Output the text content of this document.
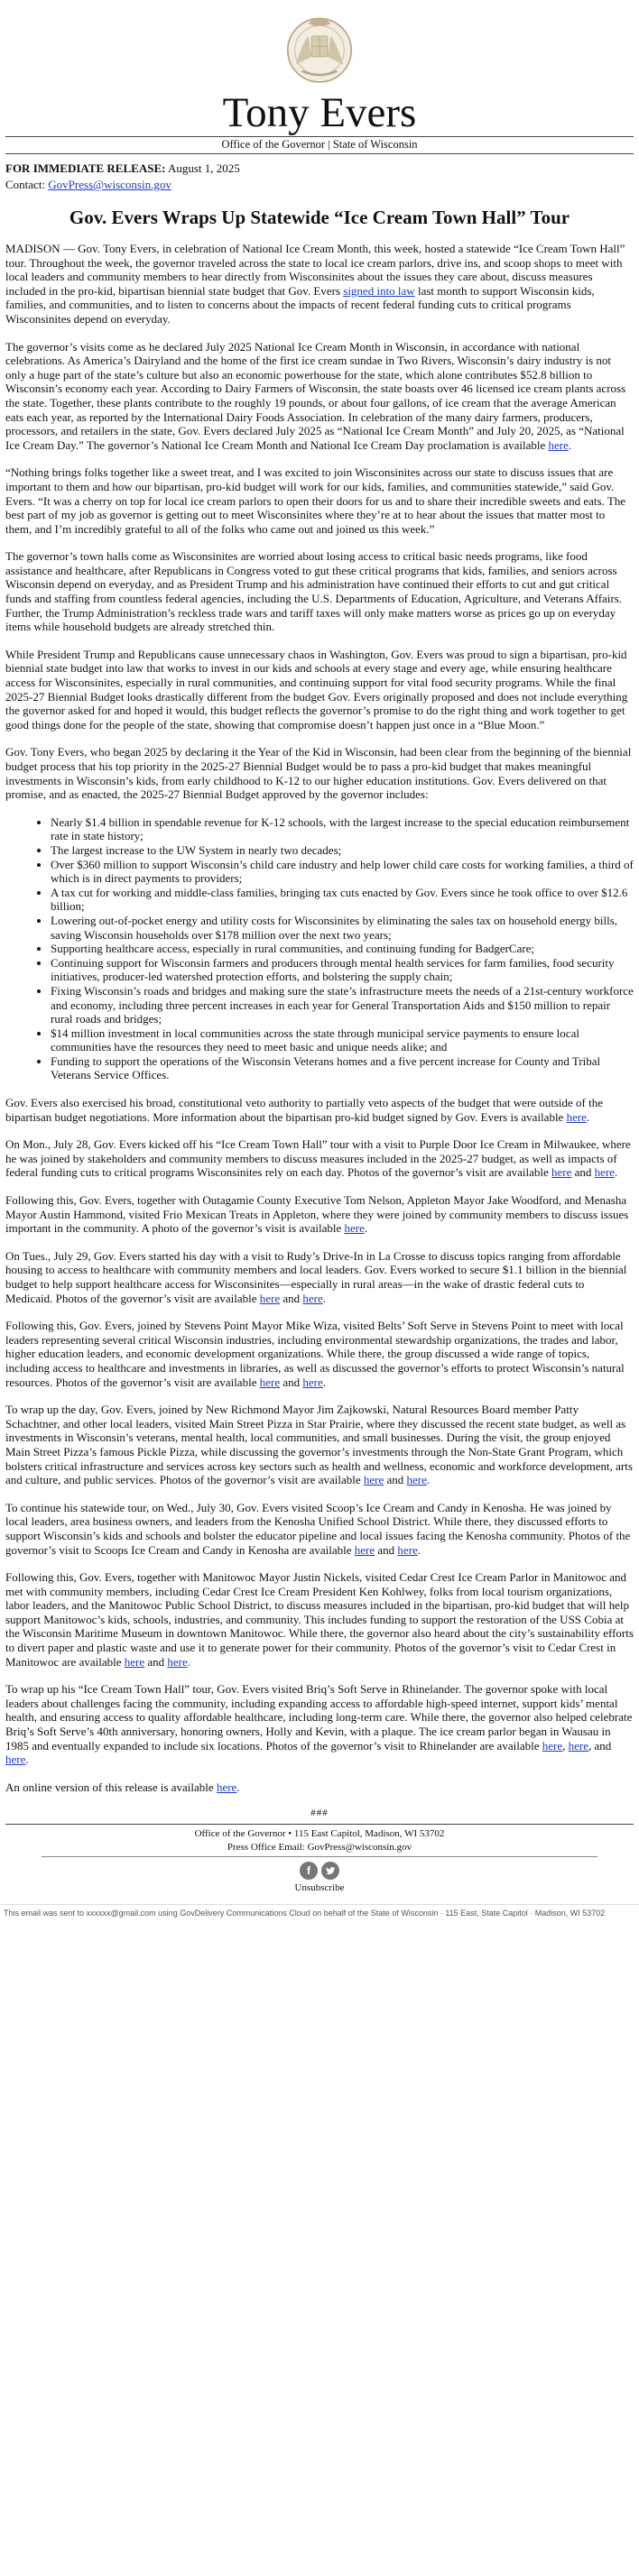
Tony Evers
Office of the Governor | State of Wisconsin
FOR IMMEDIATE RELEASE: August 1, 2025
Contact: GovPress@wisconsin.gov
Gov. Evers Wraps Up Statewide “Ice Cream Town Hall” Tour

MADISON — Gov. Tony Evers, in celebration of National Ice Cream Month, this week, hosted a statewide “Ice Cream Town Hall” tour. Throughout the week, the governor traveled across the state to local ice cream parlors, drive ins, and scoop shops to meet with local leaders and community members to hear directly from Wisconsinites about the issues they care about, discuss measures included in the pro-kid, bipartisan biennial state budget that Gov. Evers signed into law last month to support Wisconsin kids, families, and communities, and to listen to concerns about the impacts of recent federal funding cuts to critical programs Wisconsinites depend on everyday.

The governor’s visits come as he declared July 2025 National Ice Cream Month in Wisconsin, in accordance with national celebrations. As America’s Dairyland and the home of the first ice cream sundae in Two Rivers, Wisconsin’s dairy industry is not only a huge part of the state’s culture but also an economic powerhouse for the state, which alone contributes $52.8 billion to Wisconsin’s economy each year. According to Dairy Farmers of Wisconsin, the state boasts over 46 licensed ice cream plants across the state. Together, these plants contribute to the roughly 19 pounds, or about four gallons, of ice cream that the average American eats each year, as reported by the International Dairy Foods Association. In celebration of the many dairy farmers, producers, processors, and retailers in the state, Gov. Evers declared July 2025 as “National Ice Cream Month” and July 20, 2025, as “National Ice Cream Day.” The governor’s National Ice Cream Month and National Ice Cream Day proclamation is available here.

“Nothing brings folks together like a sweet treat, and I was excited to join Wisconsinites across our state to discuss issues that are important to them and how our bipartisan, pro-kid budget will work for our kids, families, and communities statewide,” said Gov. Evers. “It was a cherry on top for local ice cream parlors to open their doors for us and to share their incredible sweets and eats. The best part of my job as governor is getting out to meet Wisconsinites where they’re at to hear about the issues that matter most to them, and I’m incredibly grateful to all of the folks who came out and joined us this week.”

The governor’s town halls come as Wisconsinites are worried about losing access to critical basic needs programs, like food assistance and healthcare, after Republicans in Congress voted to gut these critical programs that kids, families, and seniors across Wisconsin depend on everyday, and as President Trump and his administration have continued their efforts to cut and gut critical funds and staffing from countless federal agencies, including the U.S. Departments of Education, Agriculture, and Veterans Affairs. Further, the Trump Administration’s reckless trade wars and tariff taxes will only make matters worse as prices go up on everyday items while household budgets are already stretched thin.

While President Trump and Republicans cause unnecessary chaos in Washington, Gov. Evers was proud to sign a bipartisan, pro-kid biennial state budget into law that works to invest in our kids and schools at every stage and every age, while ensuring healthcare access for Wisconsinites, especially in rural communities, and continuing support for vital food security programs. While the final 2025-27 Biennial Budget looks drastically different from the budget Gov. Evers originally proposed and does not include everything the governor asked for and hoped it would, this budget reflects the governor’s promise to do the right thing and work together to get good things done for the people of the state, showing that compromise doesn’t happen just once in a “Blue Moon.”

Gov. Tony Evers, who began 2025 by declaring it the Year of the Kid in Wisconsin, had been clear from the beginning of the biennial budget process that his top priority in the 2025-27 Biennial Budget would be to pass a pro-kid budget that makes meaningful investments in Wisconsin’s kids, from early childhood to K-12 to our higher education institutions. Gov. Evers delivered on that promise, and as enacted, the 2025-27 Biennial Budget approved by the governor includes:

• Nearly $1.4 billion in spendable revenue for K-12 schools, with the largest increase to the special education reimbursement rate in state history;
• The largest increase to the UW System in nearly two decades;
• Over $360 million to support Wisconsin’s child care industry and help lower child care costs for working families, a third of which is in direct payments to providers;
• A tax cut for working and middle-class families, bringing tax cuts enacted by Gov. Evers since he took office to over $12.6 billion;
• Lowering out-of-pocket energy and utility costs for Wisconsinites by eliminating the sales tax on household energy bills, saving Wisconsin households over $178 million over the next two years;
• Supporting healthcare access, especially in rural communities, and continuing funding for BadgerCare;
• Continuing support for Wisconsin farmers and producers through mental health services for farm families, food security initiatives, producer-led watershed protection efforts, and bolstering the supply chain;
• Fixing Wisconsin’s roads and bridges and making sure the state’s infrastructure meets the needs of a 21st-century workforce and economy, including three percent increases in each year for General Transportation Aids and $150 million to repair rural roads and bridges;
• $14 million investment in local communities across the state through municipal service payments to ensure local communities have the resources they need to meet basic and unique needs alike; and
• Funding to support the operations of the Wisconsin Veterans homes and a five percent increase for County and Tribal Veterans Service Offices.

Gov. Evers also exercised his broad, constitutional veto authority to partially veto aspects of the budget that were outside of the bipartisan budget negotiations. More information about the bipartisan pro-kid budget signed by Gov. Evers is available here.

On Mon., July 28, Gov. Evers kicked off his “Ice Cream Town Hall” tour with a visit to Purple Door Ice Cream in Milwaukee, where he was joined by stakeholders and community members to discuss measures included in the 2025-27 budget, as well as impacts of federal funding cuts to critical programs Wisconsinites rely on each day. Photos of the governor’s visit are available here and here.

Following this, Gov. Evers, together with Outagamie County Executive Tom Nelson, Appleton Mayor Jake Woodford, and Menasha Mayor Austin Hammond, visited Frio Mexican Treats in Appleton, where they were joined by community members to discuss issues important in the community. A photo of the governor’s visit is available here.

On Tues., July 29, Gov. Evers started his day with a visit to Rudy’s Drive-In in La Crosse to discuss topics ranging from affordable housing to access to healthcare with community members and local leaders. Gov. Evers worked to secure $1.1 billion in the biennial budget to help support healthcare access for Wisconsinites—especially in rural areas—in the wake of drastic federal cuts to Medicaid. Photos of the governor’s visit are available here and here.

Following this, Gov. Evers, joined by Stevens Point Mayor Mike Wiza, visited Belts’ Soft Serve in Stevens Point to meet with local leaders representing several critical Wisconsin industries, including environmental stewardship organizations, the trades and labor, higher education leaders, and economic development organizations. While there, the group discussed a wide range of topics, including access to healthcare and investments in libraries, as well as discussed the governor’s efforts to protect Wisconsin’s natural resources. Photos of the governor’s visit are available here and here.

To wrap up the day, Gov. Evers, joined by New Richmond Mayor Jim Zajkowski, Natural Resources Board member Patty Schachtner, and other local leaders, visited Main Street Pizza in Star Prairie, where they discussed the recent state budget, as well as investments in Wisconsin’s veterans, mental health, local communities, and small businesses. During the visit, the group enjoyed Main Street Pizza’s famous Pickle Pizza, while discussing the governor’s investments through the Non-State Grant Program, which bolsters critical infrastructure and services across key sectors such as health and wellness, economic and workforce development, arts and culture, and public services. Photos of the governor’s visit are available here and here.

To continue his statewide tour, on Wed., July 30, Gov. Evers visited Scoop’s Ice Cream and Candy in Kenosha. He was joined by local leaders, area business owners, and leaders from the Kenosha Unified School District. While there, they discussed efforts to support Wisconsin’s kids and schools and bolster the educator pipeline and local issues facing the Kenosha community. Photos of the governor’s visit to Scoops Ice Cream and Candy in Kenosha are available here and here.

Following this, Gov. Evers, together with Manitowoc Mayor Justin Nickels, visited Cedar Crest Ice Cream Parlor in Manitowoc and met with community members, including Cedar Crest Ice Cream President Ken Kohlwey, folks from local tourism organizations, labor leaders, and the Manitowoc Public School District, to discuss measures included in the bipartisan, pro-kid budget that will help support Manitowoc’s kids, schools, industries, and community. This includes funding to support the restoration of the USS Cobia at the Wisconsin Maritime Museum in downtown Manitowoc. While there, the governor also heard about the city’s sustainability efforts to divert paper and plastic waste and use it to generate power for their community. Photos of the governor’s visit to Cedar Crest in Manitowoc are available here and here.

To wrap up his “Ice Cream Town Hall” tour, Gov. Evers visited Briq’s Soft Serve in Rhinelander. The governor spoke with local leaders about challenges facing the community, including expanding access to affordable high-speed internet, support kids’ mental health, and ensuring access to quality affordable healthcare, including long-term care. While there, the governor also helped celebrate Briq’s Soft Serve’s 40th anniversary, honoring owners, Holly and Kevin, with a plaque. The ice cream parlor began in Wausau in 1985 and eventually expanded to include six locations. Photos of the governor’s visit to Rhinelander are available here, here, and here.

An online version of this release is available here.

###
Office of the Governor • 115 East Capitol, Madison, WI 53702
Press Office Email: GovPress@wisconsin.gov
f
Unsubscribe
This email was sent to xxxxxx@gmail.com using GovDelivery Communications Cloud on behalf of the State of Wisconsin · 115 East, State Capitol · Madison, WI 53702
